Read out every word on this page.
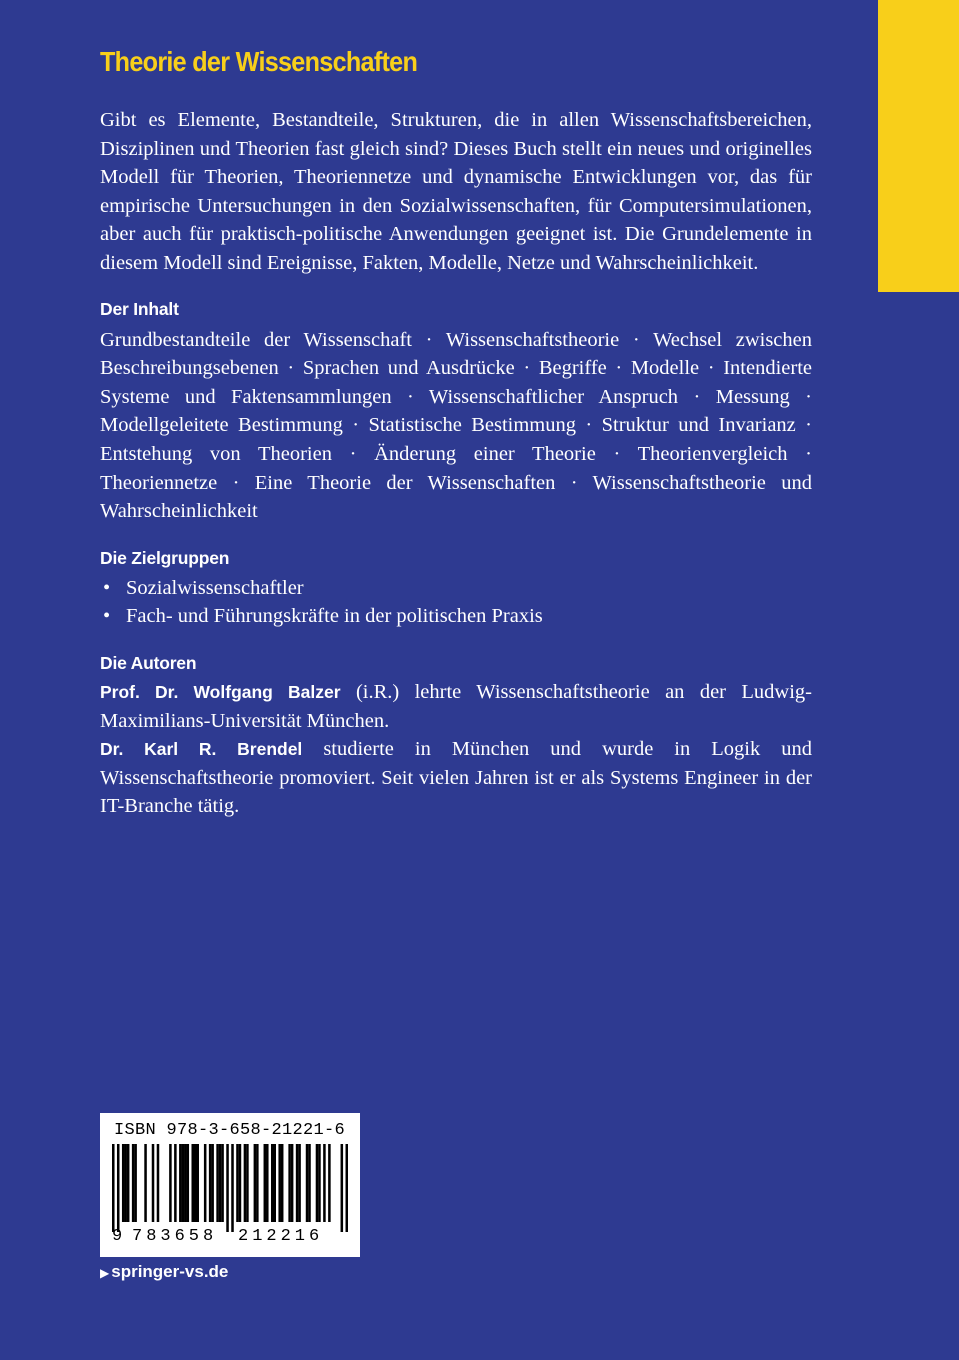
Theorie der Wissenschaften

Gibt es Elemente, Bestandteile, Strukturen, die in allen Wissenschaftsbereichen, Disziplinen und Theorien fast gleich sind? Dieses Buch stellt ein neues und originelles Modell für Theorien, Theoriennetze und dynamische Entwicklungen vor, das für empirische Untersuchungen in den Sozialwissenschaften, für Computersimulationen, aber auch für praktisch-politische Anwendungen geeignet ist. Die Grundelemente in diesem Modell sind Ereignisse, Fakten, Modelle, Netze und Wahrscheinlichkeit.

Der Inhalt

Grundbestandteile der Wissenschaft · Wissenschaftstheorie · Wechsel zwischen Beschreibungsebenen · Sprachen und Ausdrücke · Begriffe · Modelle · Intendierte Systeme und Faktensammlungen · Wissenschaftlicher Anspruch · Messung · Modellgeleitete Bestimmung · Statistische Bestimmung · Struktur und Invarianz · Entstehung von Theorien · Änderung einer Theorie · Theorienvergleich · Theoriennetze · Eine Theorie der Wissenschaften · Wissenschaftstheorie und Wahrscheinlichkeit

Die Zielgruppen
• Sozialwissenschaftler
• Fach- und Führungskräfte in der politischen Praxis
Die Autoren

Prof. Dr. Wolfgang Balzer (i.R.) lehrte Wissenschaftstheorie an der Ludwig-Maximilians-Universität München.

Dr. Karl R. Brendel studierte in München und wurde in Logik und Wissenschaftstheorie promoviert. Seit vielen Jahren ist er als Systems Engineer in der IT-Branche tätig.

ISBN 978-3-658-21221-6
9 783658 212216
▶ springer-vs.de
